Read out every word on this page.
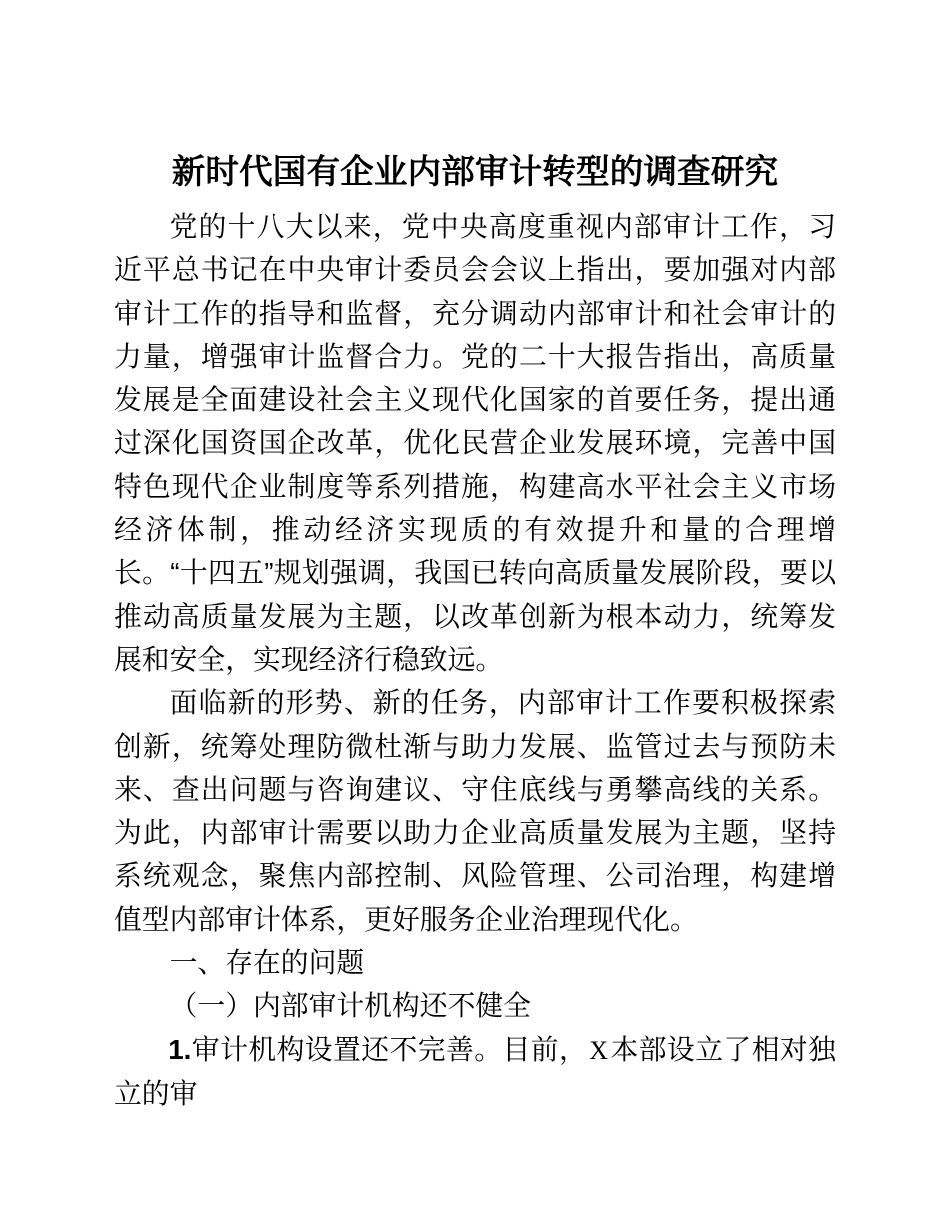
新时代国有企业内部审计转型的调查研究

党的十八大以来，党中央高度重视内部审计工作，习近平总书记在中央审计委员会会议上指出，要加强对内部审计工作的指导和监督，充分调动内部审计和社会审计的力量，增强审计监督合力。党的二十大报告指出，高质量发展是全面建设社会主义现代化国家的首要任务，提出通过深化国资国企改革，优化民营企业发展环境，完善中国特色现代企业制度等系列措施，构建高水平社会主义市场经济体制，推动经济实现质的有效提升和量的合理增长。“十四五”规划强调，我国已转向高质量发展阶段，要以推动高质量发展为主题，以改革创新为根本动力，统筹发展和安全，实现经济行稳致远。

面临新的形势、新的任务，内部审计工作要积极探索创新，统筹处理防微杜渐与助力发展、监管过去与预防未来、查出问题与咨询建议、守住底线与勇攀高线的关系。为此，内部审计需要以助力企业高质量发展为主题，坚持系统观念，聚焦内部控制、风险管理、公司治理，构建增值型内部审计体系，更好服务企业治理现代化。

一、存在的问题

（一）内部审计机构还不健全

1.审计机构设置还不完善。目前，X本部设立了相对独立的审
